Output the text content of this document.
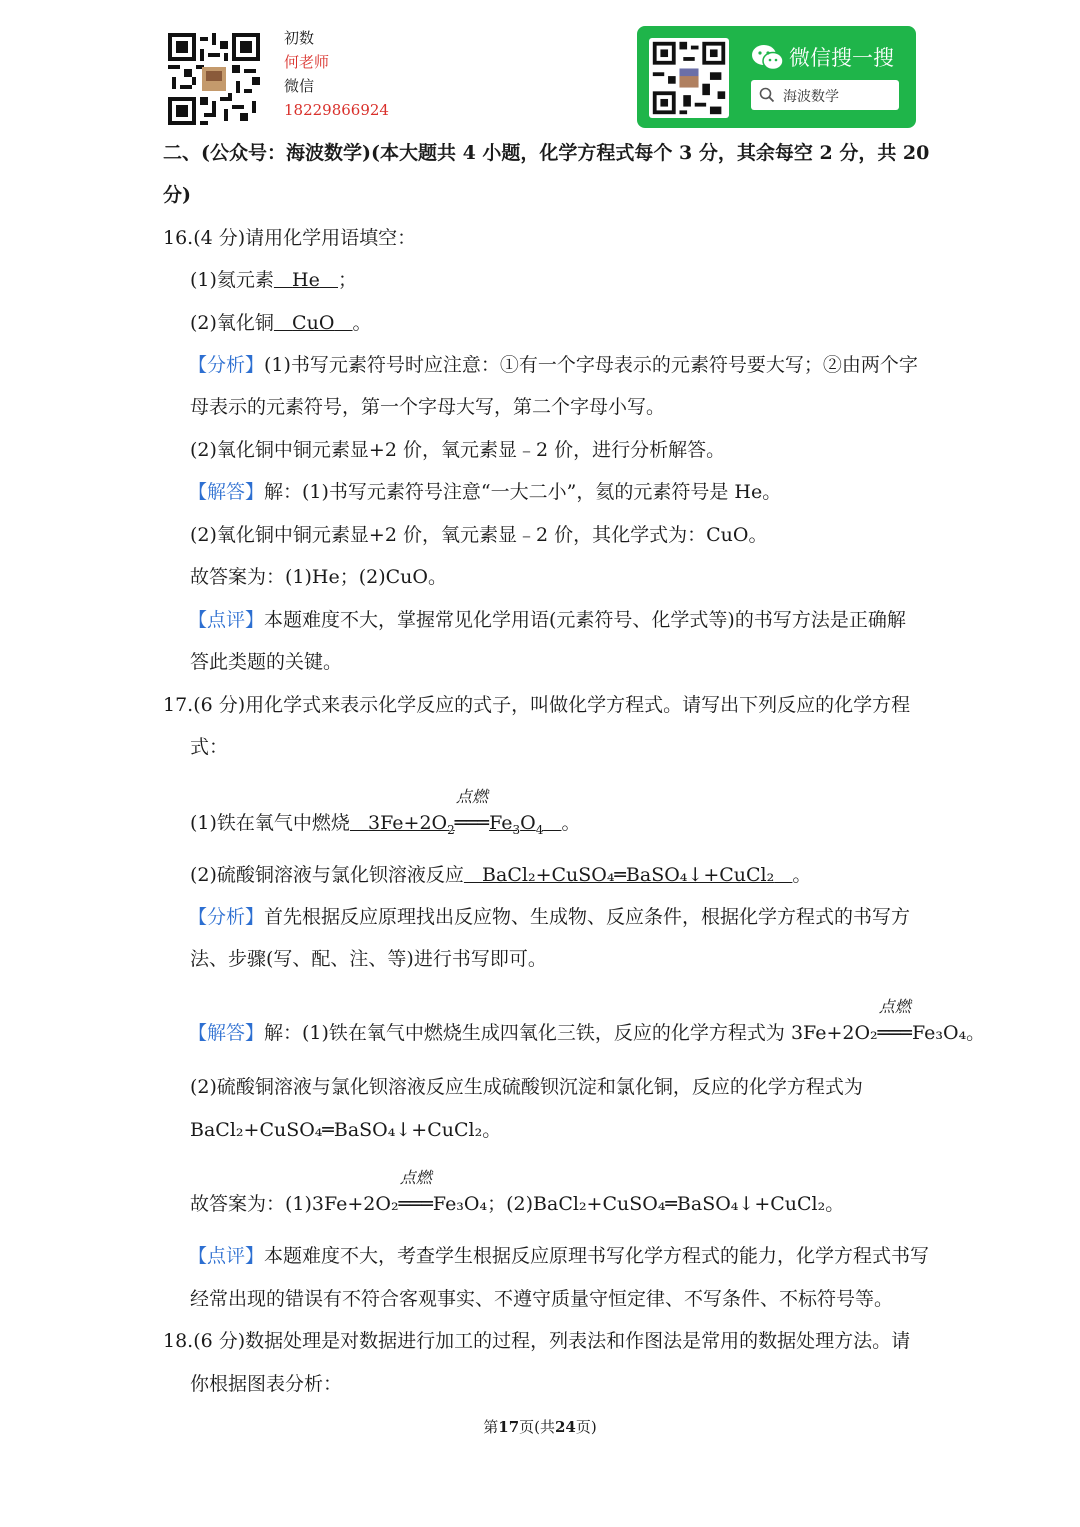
初数
何老师
微信
18229866924
微信搜一搜
海波数学
二、(公众号：海波数学)(本大题共 4 小题，化学方程式每个 3 分，其余每空 2 分，共 20
分)
16.(4 分)请用化学用语填空：
(1)氦元素 He ；
(2)氧化铜 CuO 。
【分析】(1)书写元素符号时应注意：①有一个字母表示的元素符号要大写；②由两个字
母表示的元素符号，第一个字母大写，第二个字母小写。
(2)氧化铜中铜元素显+2 价，氧元素显﹣2 价，进行分析解答。
【解答】解：(1)书写元素符号注意“一大二小”，氦的元素符号是 He。
(2)氧化铜中铜元素显+2 价，氧元素显﹣2 价，其化学式为：CuO。
故答案为：(1)He；(2)CuO。
【点评】本题难度不大，掌握常见化学用语(元素符号、化学式等)的书写方法是正确解
答此类题的关键。
17.(6 分)用化学式来表示化学反应的式子，叫做化学方程式。请写出下列反应的化学方程
式：
(1)铁在氧气中燃烧 $3Fe+2O_2$
点燃
$═══Fe_3O_4$ 。
(2)硫酸铜溶液与氯化钡溶液反应 BaCl₂+CuSO₄═BaSO₄↓+CuCl₂ 。
【分析】首先根据反应原理找出反应物、生成物、反应条件，根据化学方程式的书写方
法、步骤(写、配、注、等)进行书写即可。
【解答】解：(1)铁在氧气中燃烧生成四氧化三铁，反应的化学方程式为 3Fe+2O₂
点燃
═══Fe₃O₄。
(2)硫酸铜溶液与氯化钡溶液反应生成硫酸钡沉淀和氯化铜，反应的化学方程式为
BaCl₂+CuSO₄═BaSO₄↓+CuCl₂。
故答案为：(1)3Fe+2O₂
点燃
═══Fe₃O₄；(2)BaCl₂+CuSO₄═BaSO₄↓+CuCl₂。
【点评】本题难度不大，考查学生根据反应原理书写化学方程式的能力，化学方程式书写
经常出现的错误有不符合客观事实、不遵守质量守恒定律、不写条件、不标符号等。
18.(6 分)数据处理是对数据进行加工的过程，列表法和作图法是常用的数据处理方法。请
你根据图表分析：
第17页(共24页)
